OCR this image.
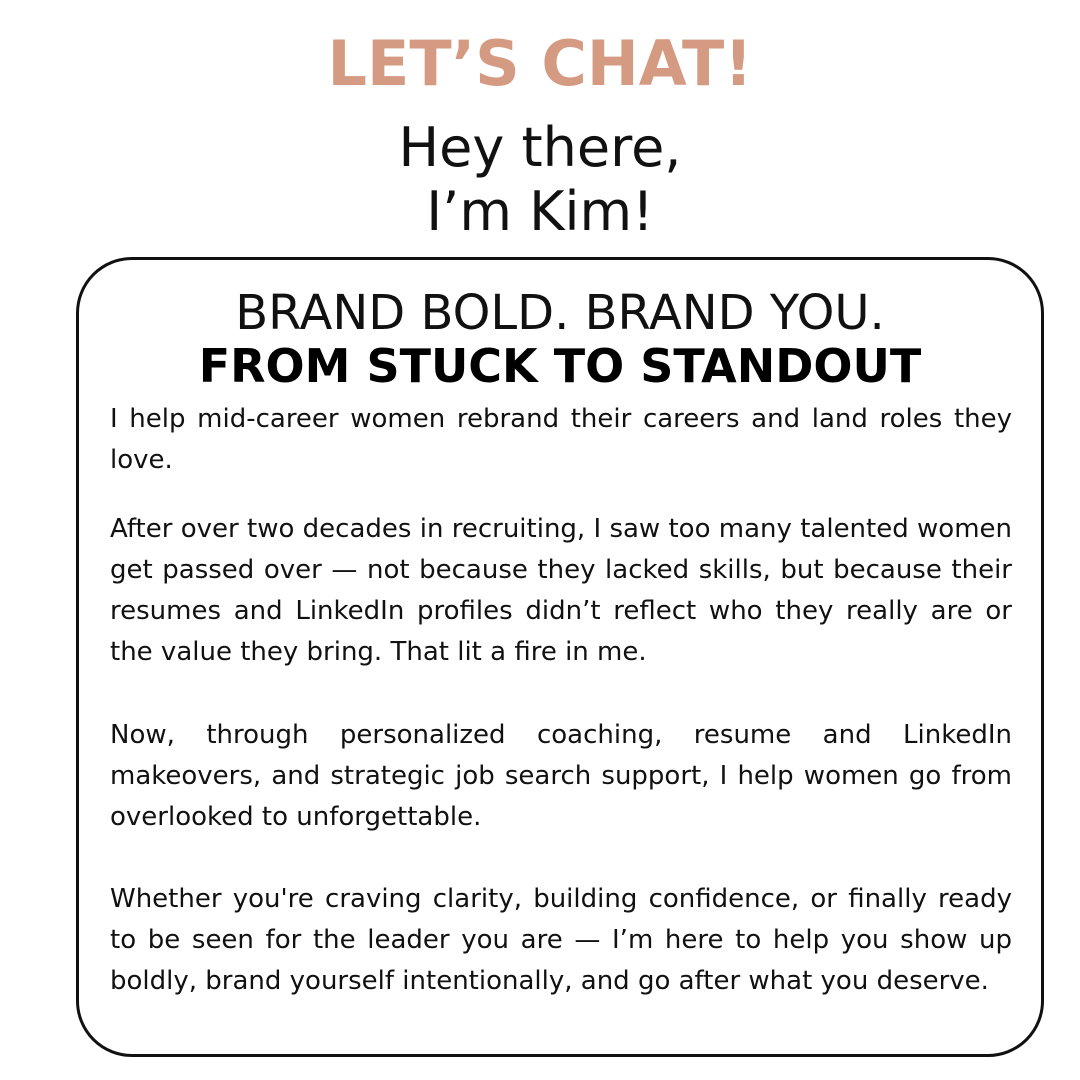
LET’S CHAT!
Hey there,
I’m Kim!
BRAND BOLD. BRAND YOU.
FROM STUCK TO STANDOUT

I help mid-career women rebrand their careers and land roles they love.

After over two decades in recruiting, I saw too many talented women get passed over — not because they lacked skills, but because their resumes and LinkedIn profiles didn’t reflect who they really are or the value they bring. That lit a fire in me.

Now, through personalized coaching, resume and LinkedIn makeovers, and strategic job search support, I help women go from overlooked to unforgettable.

Whether you're craving clarity, building confidence, or finally ready to be seen for the leader you are — I’m here to help you show up boldly, brand yourself intentionally, and go after what you deserve.
